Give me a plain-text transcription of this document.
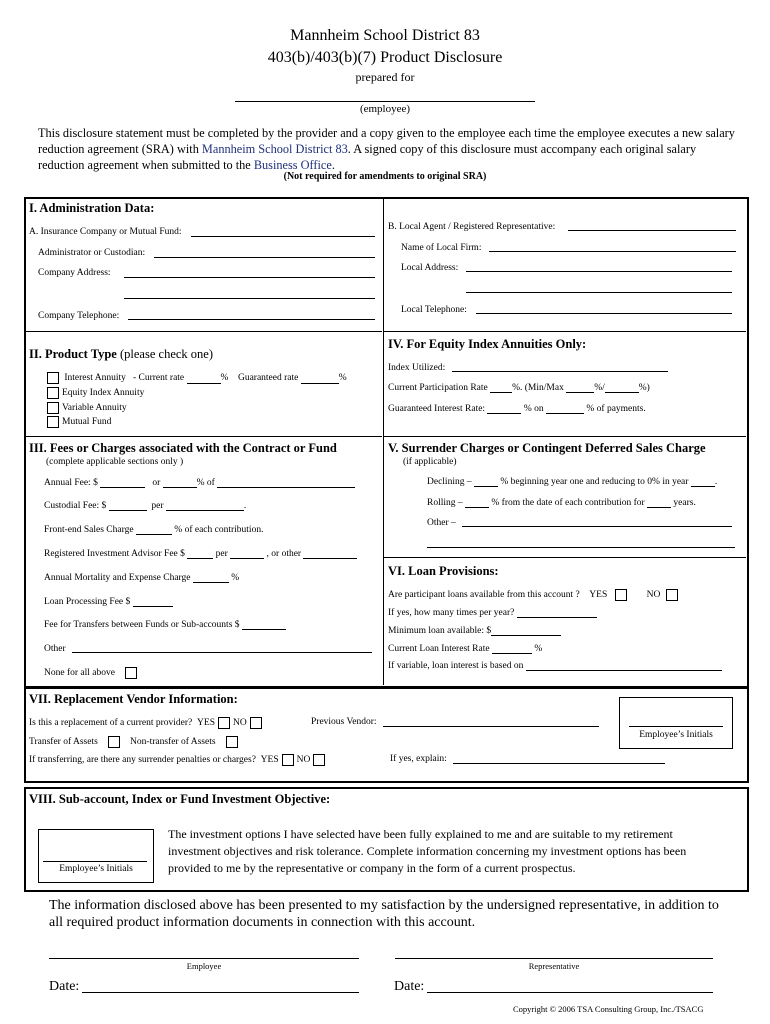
Mannheim School District 83
403(b)/403(b)(7) Product Disclosure
prepared for
(employee)
This disclosure statement must be completed by the provider and a copy given to the employee each time the employee executes a new salary reduction agreement (SRA) with Mannheim School District 83. A signed copy of this disclosure must accompany each original salary reduction agreement when submitted to the Business Office.
(Not required for amendments to original SRA)
I. Administration Data:
A. Insurance Company or Mutual Fund:
Administrator or Custodian:
Company Address:
Company Telephone:
B. Local Agent / Registered Representative:
Name of Local Firm:
Local Address:
Local Telephone:
II. Product Type (please check one)
Interest Annuity - Current rate	% Guaranteed rate	%
Equity Index Annuity
Variable Annuity
Mutual Fund
IV. For Equity Index Annuities Only:
Index Utilized:
Current Participation Rate	%. (Min/Max	%/	%)
Guaranteed Interest Rate:	% on	% of payments.
III. Fees or Charges associated with the Contract or Fund
(complete applicable sections only )
Annual Fee: $	or	% of
Custodial Fee: $	per	.
Front-end Sales Charge	% of each contribution.
Registered Investment Advisor Fee $	per	, or other
Annual Mortality and Expense Charge	%
Loan Processing Fee $
Fee for Transfers between Funds or Sub-accounts $
Other
None for all above
V. Surrender Charges or Contingent Deferred Sales Charge
(if applicable)
Declining –	% beginning year one and reducing to 0% in year	.
Rolling –	% from the date of each contribution for	years.
Other –
VI. Loan Provisions:
Are participant loans available from this account ? YES	NO
If yes, how many times per year?
Minimum loan available: $
Current Loan Interest Rate	%
If variable, loan interest is based on
VII. Replacement Vendor Information:
Is this a replacement of a current provider? YES NO	Previous Vendor:
Transfer of Assets	Non-transfer of Assets
If transferring, are there any surrender penalties or charges? YES NO	If yes, explain:
Employee’s Initials
VIII. Sub-account, Index or Fund Investment Objective:
Employee’s Initials
The investment options I have selected have been fully explained to me and are suitable to my retirement investment objectives and risk tolerance. Complete information concerning my investment options has been provided to me by the representative or company in the form of a current prospectus.
The information disclosed above has been presented to my satisfaction by the undersigned representative, in addition to all required product information documents in connection with this account.
Employee	Representative
Date:	Date:
Copyright © 2006 TSA Consulting Group, Inc./TSACG
